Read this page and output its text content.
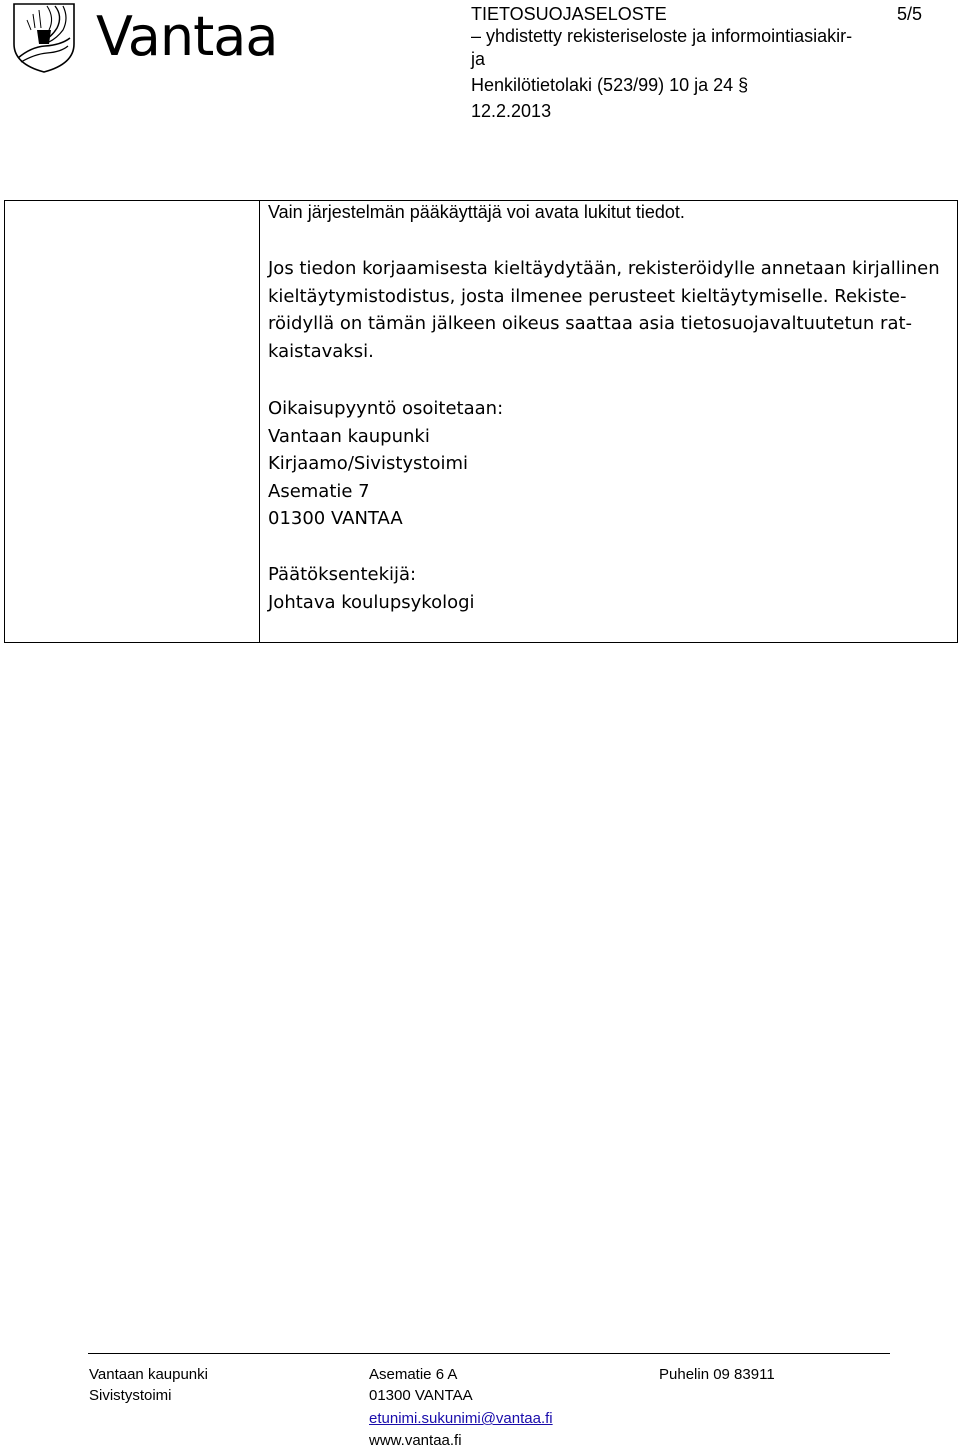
Vantaa	TIETOSUOJASELOSTE	5/5
– yhdistetty rekisteriseloste ja informointiasiakir-
ja
Henkilötietolaki (523/99) 10 ja 24 §
12.2.2013
Vain järjestelmän pääkäyttäjä voi avata lukitut tiedot.
Jos tiedon korjaamisesta kieltäydytään, rekisteröidylle annetaan kirjallinen
kieltäytymistodistus, josta ilmenee perusteet kieltäytymiselle. Rekiste-
röidyllä on tämän jälkeen oikeus saattaa asia tietosuojavaltuutetun rat-
kaistavaksi.
Oikaisupyyntö osoitetaan:
Vantaan kaupunki
Kirjaamo/Sivistystoimi
Asematie 7
01300 VANTAA
Päätöksentekijä:
Johtava koulupsykologi
Vantaan kaupunki
Sivistystoimi
Asematie 6 A
01300 VANTAA
etunimi.sukunimi@vantaa.fi
www.vantaa.fi
Puhelin 09 83911
